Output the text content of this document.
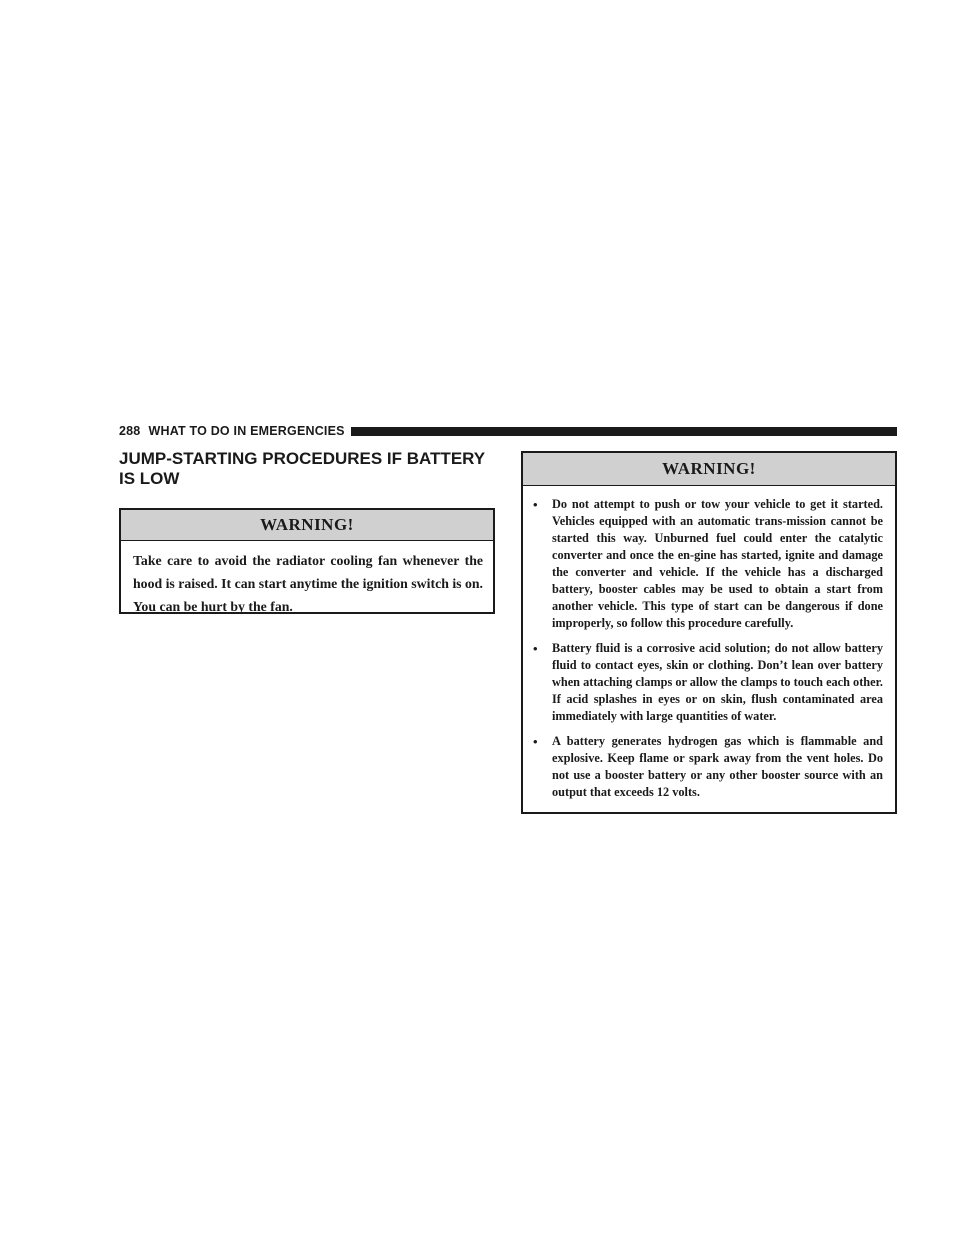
288 WHAT TO DO IN EMERGENCIES
JUMP-STARTING PROCEDURES IF BATTERY IS LOW
WARNING!

Take care to avoid the radiator cooling fan whenever the hood is raised. It can start anytime the ignition switch is on. You can be hurt by the fan.

WARNING!
• Do not attempt to push or tow your vehicle to get it started. Vehicles equipped with an automatic trans-mission cannot be started this way. Unburned fuel could enter the catalytic converter and once the en-gine has started, ignite and damage the converter and vehicle. If the vehicle has a discharged battery, booster cables may be used to obtain a start from another vehicle. This type of start can be dangerous if done improperly, so follow this procedure carefully.
• Battery fluid is a corrosive acid solution; do not allow battery fluid to contact eyes, skin or clothing. Don’t lean over battery when attaching clamps or allow the clamps to touch each other. If acid splashes in eyes or on skin, flush contaminated area immediately with large quantities of water.
• A battery generates hydrogen gas which is flammable and explosive. Keep flame or spark away from the vent holes. Do not use a booster battery or any other booster source with an output that exceeds 12 volts.
